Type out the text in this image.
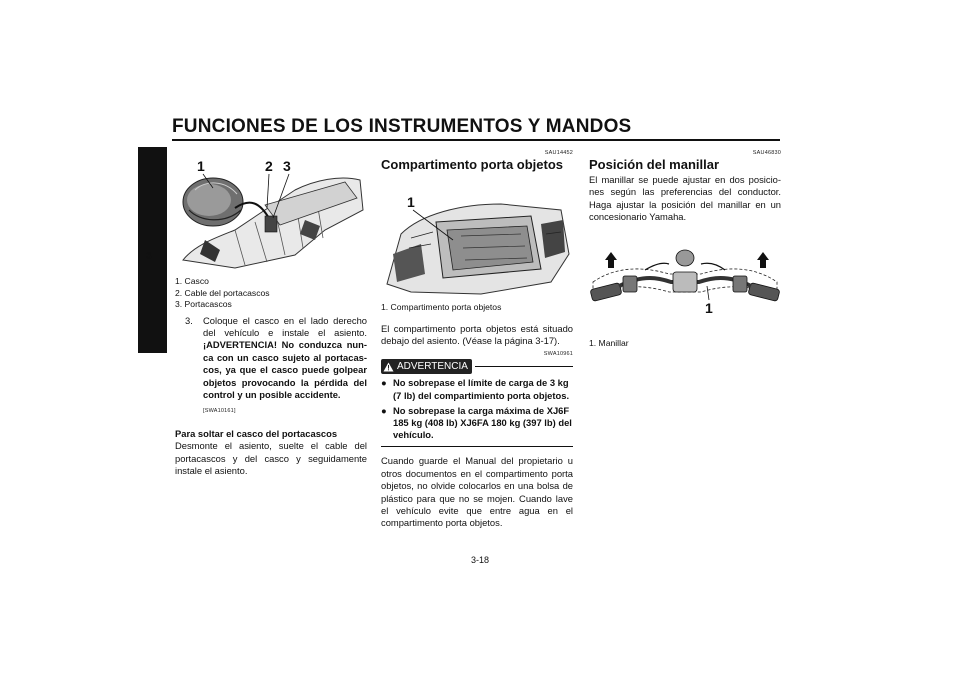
FUNCIONES DE LOS INSTRUMENTOS Y MANDOS
3
1	2 3
1. Casco
2. Cable del portacascos
3. Portacascos
3.	Coloque el casco en el lado derecho del vehículo e instale el asiento. ¡ADVERTENCIA! No conduzca nunca con un casco sujeto al portacascos, ya que el casco puede golpear objetos provocando la pérdida del control y un posible accidente.
[SWA10161]
Para soltar el casco del portacascos
Desmonte el asiento, suelte el cable del portacascos y del casco y seguidamente instale el asiento.
SAU14452
Compartimento porta objetos
1
1. Compartimento porta objetos
El compartimento porta objetos está situado debajo del asiento. (Véase la página 3-17).
SWA10961
ADVERTENCIA
● No sobrepase el límite de carga de 3 kg (7 lb) del compartimiento porta objetos.
● No sobrepase la carga máxima de XJ6F 185 kg (408 lb) XJ6FA 180 kg (397 lb) del vehículo.
Cuando guarde el Manual del propietario u otros documentos en el compartimento porta objetos, no olvide colocarlos en una bolsa de plástico para que no se mojen. Cuando lave el vehículo evite que entre agua en el compartimento porta objetos.
SAU46830
Posición del manillar
El manillar se puede ajustar en dos posiciones según las preferencias del conductor. Haga ajustar la posición del manillar en un concesionario Yamaha.
1
1. Manillar
3-18
